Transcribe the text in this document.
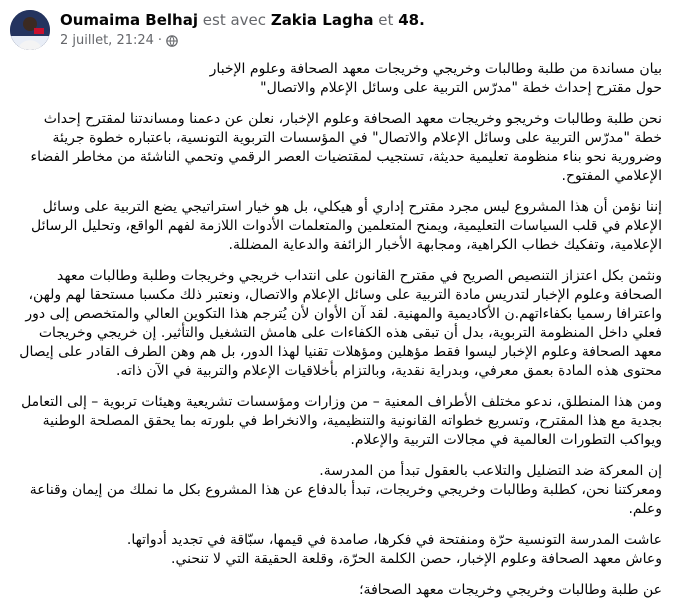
Oumaima Belhaj est avec Zakia Lagha et 48.
2 juillet, 21:24 ·

بيان مساندة من طلبة وطالبات وخريجي وخريجات معهد الصحافة وعلوم الإخبار
حول مقترح إحداث خطة "مدرّس التربية على وسائل الإعلام والاتصال"

نحن طلبة وطالبات وخريجو وخريجات معهد الصحافة وعلوم الإخبار، نعلن عن دعمنا ومساندتنا لمقترح إحداث خطة "مدرّس التربية على وسائل الإعلام والاتصال" في المؤسسات التربوية التونسية، باعتباره خطوة جريئة وضرورية نحو بناء منظومة تعليمية حديثة، تستجيب لمقتضيات العصر الرقمي وتحمي الناشئة من مخاطر الفضاء الإعلامي المفتوح.

إننا نؤمن أن هذا المشروع ليس مجرد مقترح إداري أو هيكلي، بل هو خيار استراتيجي يضع التربية على وسائل الإعلام في قلب السياسات التعليمية، ويمنح المتعلمين والمتعلمات الأدوات اللازمة لفهم الواقع، وتحليل الرسائل الإعلامية، وتفكيك خطاب الكراهية، ومجابهة الأخبار الزائفة والدعاية المضللة.

ونثمن بكل اعتزاز التنصيص الصريح في مقترح القانون على انتداب خريجي وخريجات وطلبة وطالبات معهد الصحافة وعلوم الإخبار لتدريس مادة التربية على وسائل الإعلام والاتصال، ونعتبر ذلك مكسبا مستحقا لهم ولهن، واعترافا رسميا بكفاءاتهم.ن الأكاديمية والمهنية. لقد آن الأوان لأن يُترجم هذا التكوين العالي والمتخصص إلى دور فعلي داخل المنظومة التربوية، بدل أن تبقى هذه الكفاءات على هامش التشغيل والتأثير. إن خريجي وخريجات معهد الصحافة وعلوم الإخبار ليسوا فقط مؤهلين ومؤهلات تقنيا لهذا الدور، بل هم وهن الطرف القادر على إيصال محتوى هذه المادة بعمق معرفي، وبدراية نقدية، وبالتزام بأخلاقيات الإعلام والتربية في الآن ذاته.

ومن هذا المنطلق، ندعو مختلف الأطراف المعنية – من وزارات ومؤسسات تشريعية وهيئات تربوية – إلى التعامل بجدية مع هذا المقترح، وتسريع خطواته القانونية والتنظيمية، والانخراط في بلورته بما يحقق المصلحة الوطنية ويواكب التطورات العالمية في مجالات التربية والإعلام.

إن المعركة ضد التضليل والتلاعب بالعقول تبدأ من المدرسة.
ومعركتنا نحن، كطلبة وطالبات وخريجي وخريجات، تبدأ بالدفاع عن هذا المشروع بكل ما نملك من إيمان وقناعة وعلم.

عاشت المدرسة التونسية حرّة ومنفتحة في فكرها، صامدة في قيمها، سبّاقة في تجديد أدواتها.
وعاش معهد الصحافة وعلوم الإخبار، حصن الكلمة الحرّة، وقلعة الحقيقة التي لا تنحني.

عن طلبة وطالبات وخريجي وخريجات معهد الصحافة؛
